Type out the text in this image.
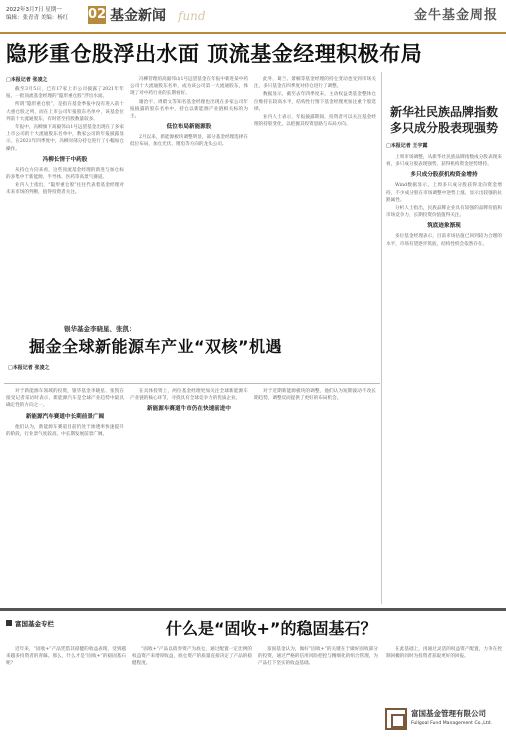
2022年3月7日 星期一
编辑：张青青 美编：杨红 02 基金新闻 fund	金牛基金周报
隐形重仓股浮出水面 顶流基金经理积极布局
□本报记者 张凌之

截至3月5日，已有17家上市公司披露了2021年年报，一批顶流基金经理的“隐形重仓股”浮出水面。

所谓“隐形重仓股”，是指在基金季报中没有进入前十大重仓股之列，而在上市公司年报股东名单中，该基金位列前十大流通股东，有时甚至持股数量较多。

年报中，冯柳旗下高毅邻山1号远望基金出现在了多家上市公司的十大流通股东名单中，数家公司的年报披露显示，在2021年四季度中，冯柳对部分持仓进行了小幅加仓操作。

冯柳长情于中药股

从持仓方向来看，这些顶流基金经理的新进与加仓标的多集中于新能源、半导体、医药等高景气赛道。

业内人士指出，“隐形重仓股”往往代表着基金经理对未来市场的判断，值得投资者关注。

冯柳管理的高毅邻山1号远望基金在年报中新进某中药公司十大流通股东名单，成为该公司第一大流通股东，体现了对中药行业的长期看好。

谢治宇、周蔚文等知名基金经理也出现在多家公司年报披露的股东名单中，持仓以新能源产业链相关标的为主。

低位布局新能源股

2月以来，新能源板块调整明显，部分基金经理选择在低位布局，加仓光伏、锂电等方向的龙头公司。

此外，葛兰、萧楠等基金经理的持仓变动也受到市场关注，多只基金在四季度对持仓进行了调整。

数据显示，截至去年四季度末，主动权益类基金整体仓位维持在较高水平，结构性行情下基金经理更加注重个股选择。

业内人士表示，年报披露期间，投资者可以关注基金经理的持股变化，以把握其投资思路与布局方向。

新华社民族品牌指数多只成分股表现强势
□本报记者 王宇露

上周市场调整，从新华社民族品牌指数成分股表现来看，多只成分股表现强势，获得机构资金逆势增持。

多只成分股获机构资金增持

Wind数据显示，上周多只成分股获得北向资金增持，不少成分股在市场调整中逆势上涨，显示出较强的抗跌属性。

分析人士指出，民族品牌企业具有较强的品牌价值和市场竞争力，长期投资价值值得关注。

筑底迹象渐现

多位基金经理表示，目前市场估值已回到较为合理的水平，市场有望逐步筑底，结构性机会依然存在。

银华基金李晓星、张凯：
掘金全球新能源车产业“双核”机遇
□本报记者 张凌之

对于新能源车领域的投资，银华基金李晓星、张凯在接受记者采访时表示，新能源汽车是全球产业趋势中最具确定性的方向之一。

新能源汽车赛道中长期前景广阔

他们认为，新能源车赛道目前仍处于渗透率快速提升的阶段，行业景气度较高，中长期发展前景广阔。

在具体投资上，两位基金经理更加关注全球新能源车产业链的核心环节，寻找具有全球竞争力的优质企业。

新能源车赛道牛市仍在快速前进中

对于近期新能源板块的调整，他们认为短期波动不改长期趋势，调整反而提供了更好的布局机会。

富国基金专栏	什么是“固收+”的稳固基石？

近年来，“固收+”产品凭借其稳健的收益表现，受到越来越多投资者的青睐。那么，什么才是“固收+”的稳固基石呢？

“固收+”产品以债券资产为底仓，通过配置一定比例的权益资产来增厚收益，底仓资产的质量直接决定了产品的稳健程度。

富国基金认为，做好“固收+”的关键在于做好固收部分的投资，通过严格的信用风险把控与精细化的组合管理，为产品打下坚实的收益基础。

在此基础上，再通过灵活的权益资产配置，力争在控制回撤的同时为投资者获取更好的回报。

富国基金管理有限公司
Fullgoal Fund Management Co.,Ltd.
